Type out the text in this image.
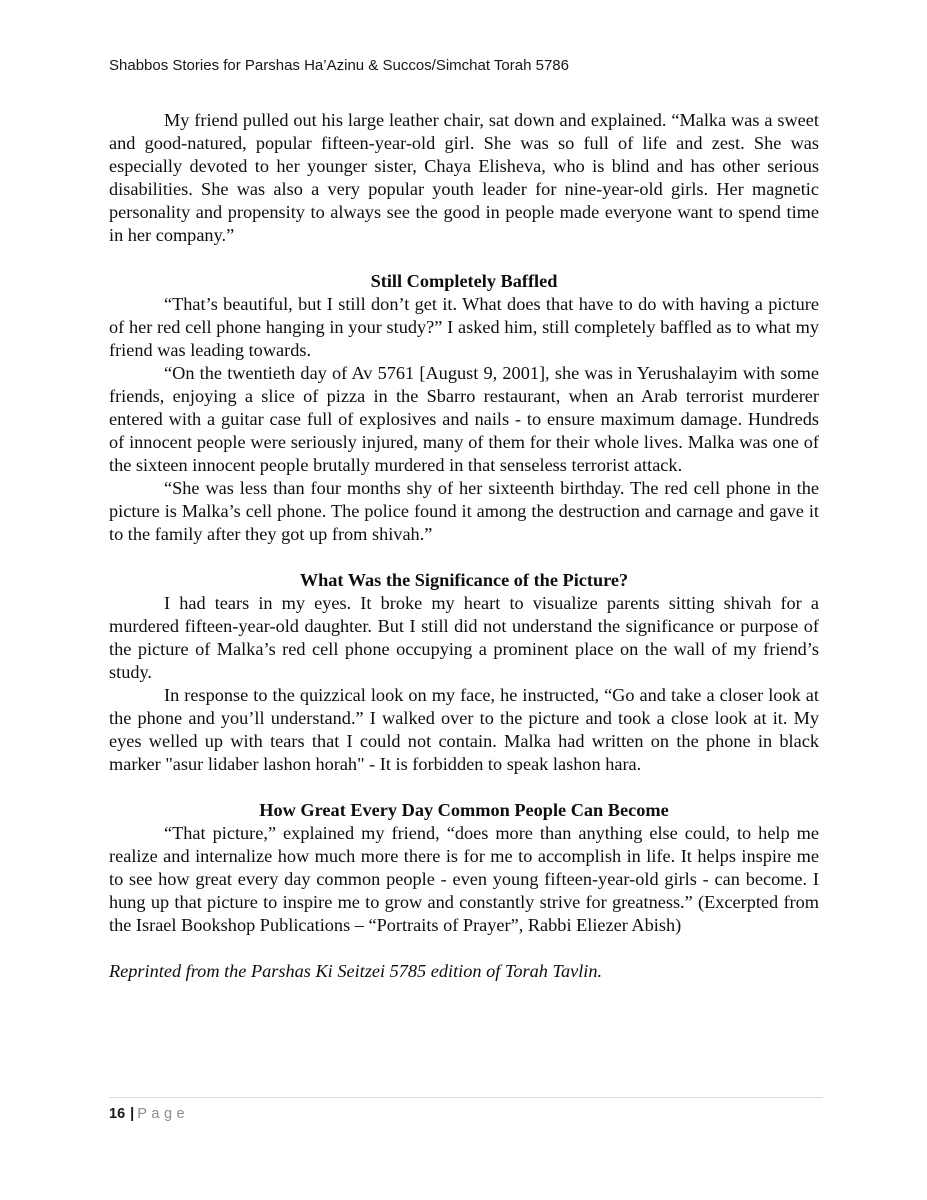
Shabbos Stories for Parshas Ha’Azinu & Succos/Simchat Torah 5786

My friend pulled out his large leather chair, sat down and explained. “Malka was a sweet and good-natured, popular fifteen-year-old girl. She was so full of life and zest. She was especially devoted to her younger sister, Chaya Elisheva, who is blind and has other serious disabilities. She was also a very popular youth leader for nine-year-old girls. Her magnetic personality and propensity to always see the good in people made everyone want to spend time in her company.”

Still Completely Baffled

“That’s beautiful, but I still don’t get it. What does that have to do with having a picture of her red cell phone hanging in your study?” I asked him, still completely baffled as to what my friend was leading towards.

“On the twentieth day of Av 5761 [August 9, 2001], she was in Yerushalayim with some friends, enjoying a slice of pizza in the Sbarro restaurant, when an Arab terrorist murderer entered with a guitar case full of explosives and nails - to ensure maximum damage. Hundreds of innocent people were seriously injured, many of them for their whole lives. Malka was one of the sixteen innocent people brutally murdered in that senseless terrorist attack.

“She was less than four months shy of her sixteenth birthday. The red cell phone in the picture is Malka’s cell phone. The police found it among the destruction and carnage and gave it to the family after they got up from shivah.”

What Was the Significance of the Picture?

I had tears in my eyes. It broke my heart to visualize parents sitting shivah for a murdered fifteen-year-old daughter. But I still did not understand the significance or purpose of the picture of Malka’s red cell phone occupying a prominent place on the wall of my friend’s study.

In response to the quizzical look on my face, he instructed, “Go and take a closer look at the phone and you’ll understand.” I walked over to the picture and took a close look at it. My eyes welled up with tears that I could not contain. Malka had written on the phone in black marker "asur lidaber lashon horah" - It is forbidden to speak lashon hara.

How Great Every Day Common People Can Become

“That picture,” explained my friend, “does more than anything else could, to help me realize and internalize how much more there is for me to accomplish in life. It helps inspire me to see how great every day common people - even young fifteen-year-old girls - can become. I hung up that picture to inspire me to grow and constantly strive for greatness.” (Excerpted from the Israel Bookshop Publications – “Portraits of Prayer”, Rabbi Eliezer Abish)

Reprinted from the Parshas Ki Seitzei 5785 edition of Torah Tavlin.

16 | Page
